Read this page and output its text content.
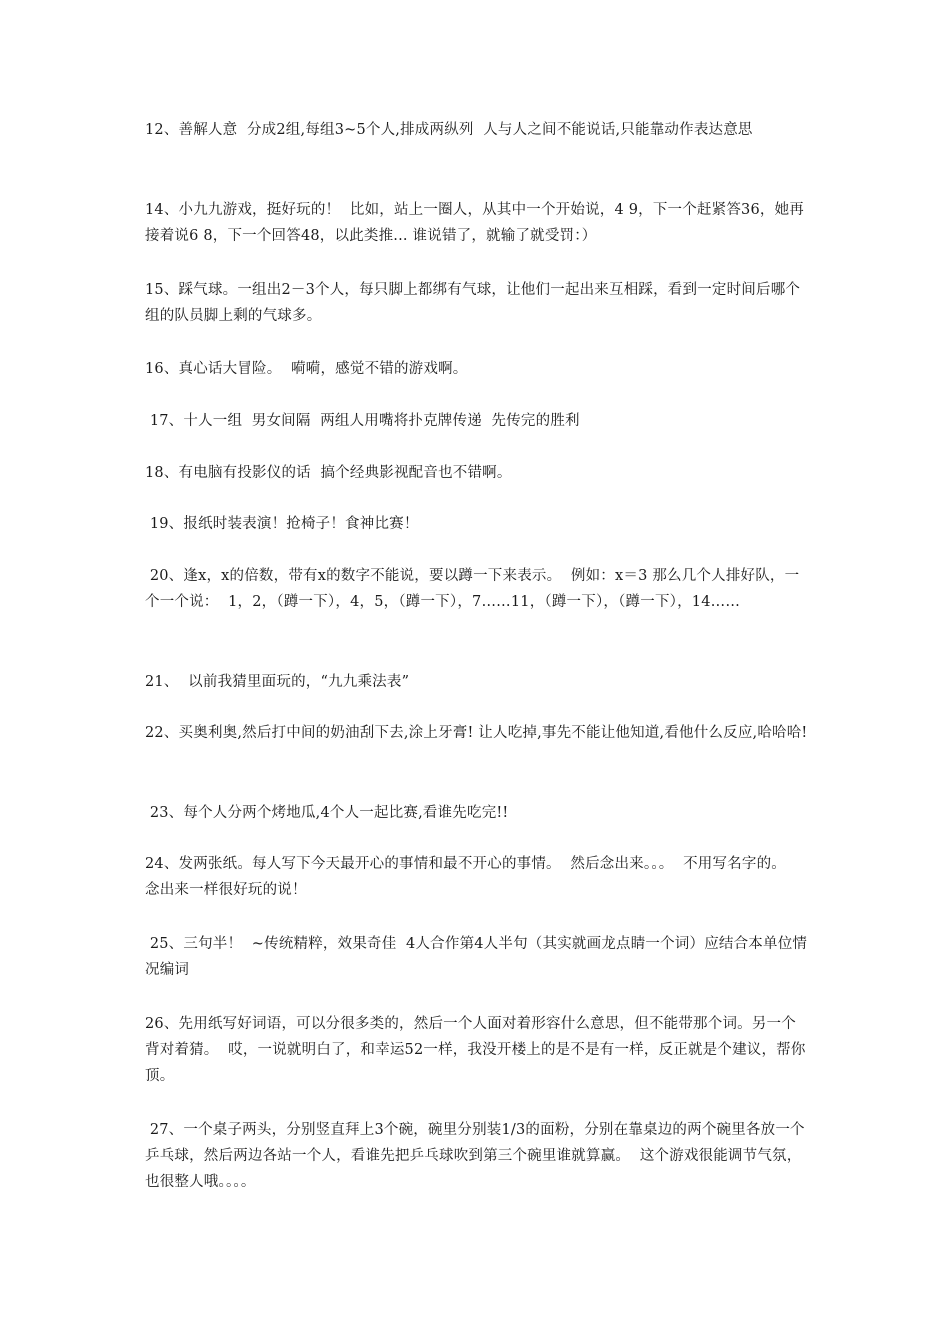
12、善解人意  分成2组,每组3~5个人,排成两纵列  人与人之间不能说话,只能靠动作表达意思

14、小九九游戏，挺好玩的！  比如，站上一圈人，从其中一个开始说，4 9，下一个赶紧答36，她再接着说6 8，下一个回答48，以此类推... 谁说错了，就输了就受罚：）

15、踩气球。一组出2－3个人，每只脚上都绑有气球，让他们一起出来互相踩，看到一定时间后哪个组的队员脚上剩的气球多。

16、真心话大冒险。  嗬嗬，感觉不错的游戏啊。

17、十人一组  男女间隔  两组人用嘴将扑克牌传递  先传完的胜利

18、有电脑有投影仪的话  搞个经典影视配音也不错啊。

19、报纸时装表演！抢椅子！食神比赛！

20、逢x，x的倍数，带有x的数字不能说，要以蹲一下来表示。  例如：x＝3 那么几个人排好队，一个一个说：  1，2，（蹲一下），4，5，（蹲一下），7……11，（蹲一下），（蹲一下），14……

21、  以前我猜里面玩的，“九九乘法表”

22、买奥利奥,然后打中间的奶油刮下去,涂上牙膏! 让人吃掉,事先不能让他知道,看他什么反应,哈哈哈!

23、每个人分两个烤地瓜,4个人一起比赛,看谁先吃完!!

24、发两张纸。每人写下今天最开心的事情和最不开心的事情。  然后念出来。。。  不用写名字的。  念出来一样很好玩的说！

25、三句半！  ~传统精粹，效果奇佳  4人合作第4人半句（其实就画龙点睛一个词）应结合本单位情况编词

26、先用纸写好词语，可以分很多类的，然后一个人面对着形容什么意思，但不能带那个词。另一个背对着猜。  哎，一说就明白了，和幸运52一样，我没开楼上的是不是有一样，反正就是个建议，帮你顶。

27、一个桌子两头，分别竖直拜上3个碗，碗里分别装1/3的面粉，分别在靠桌边的两个碗里各放一个乒乓球，然后两边各站一个人，看谁先把乒乓球吹到第三个碗里谁就算赢。  这个游戏很能调节气氛，也很整人哦。。。。
